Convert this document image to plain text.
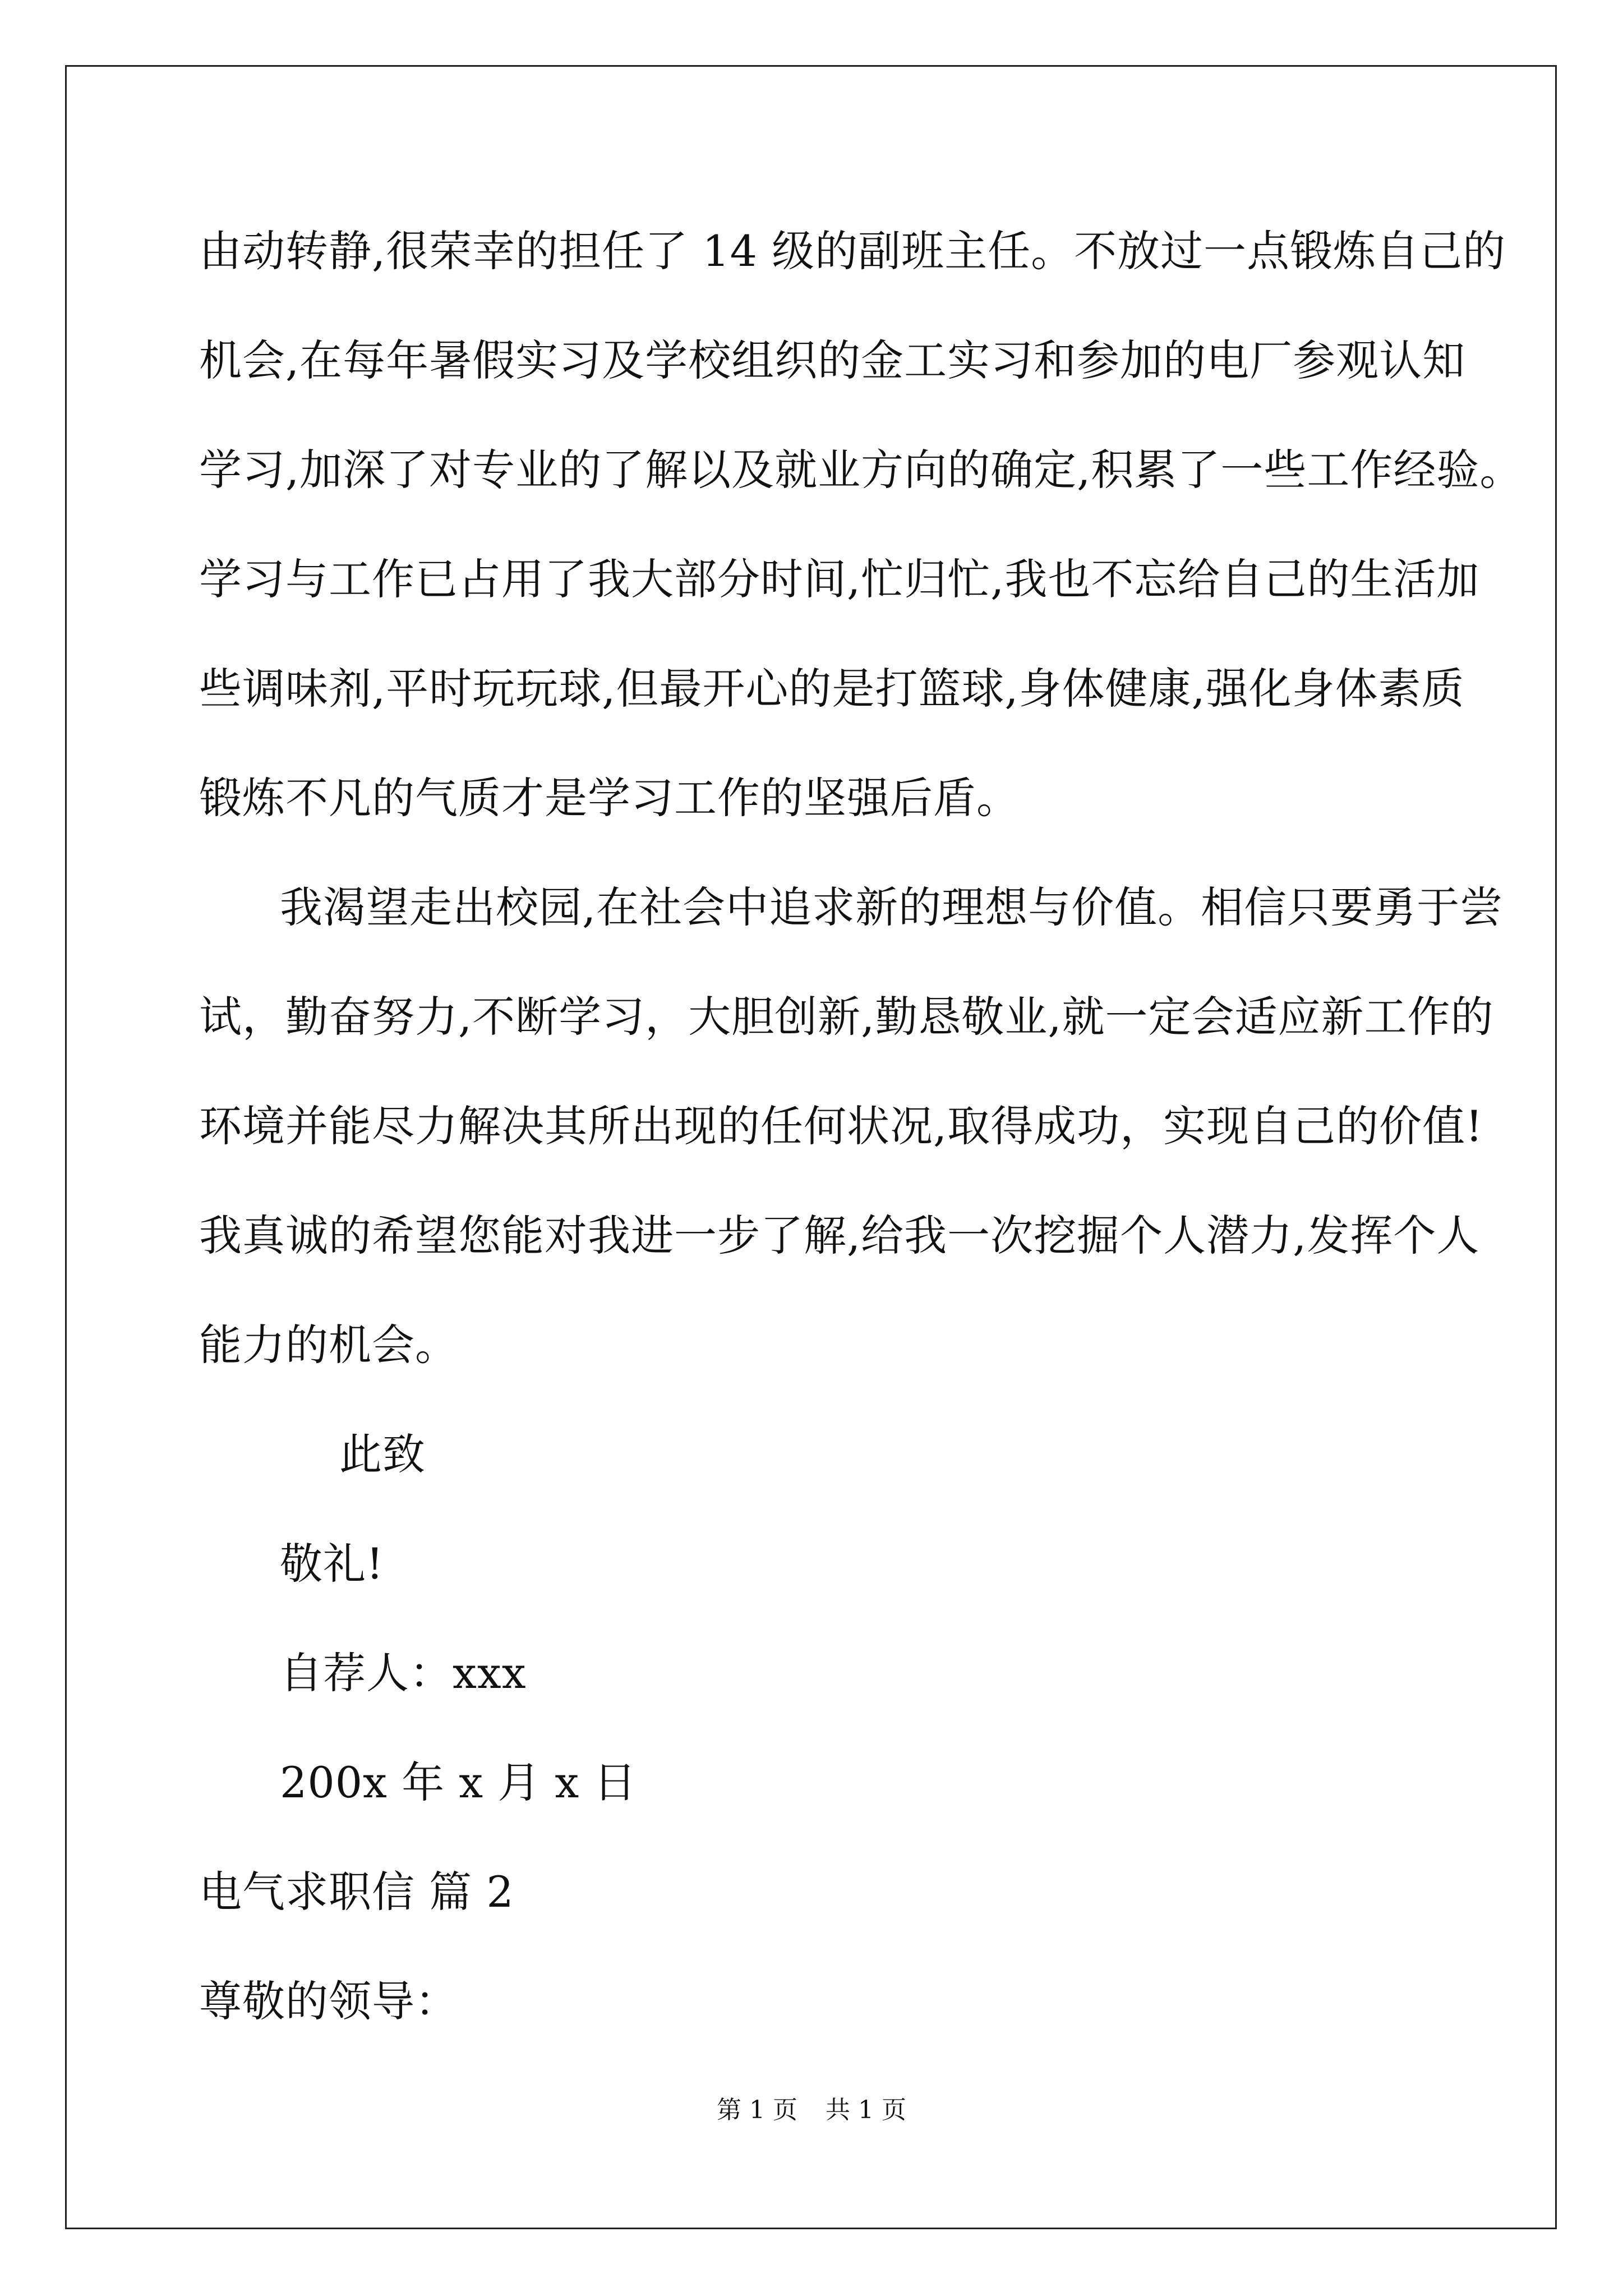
由动转静,很荣幸的担任了 14 级的副班主任。不放过一点锻炼自己的
机会,在每年暑假实习及学校组织的金工实习和参加的电厂参观认知
学习,加深了对专业的了解以及就业方向的确定,积累了一些工作经验。
学习与工作已占用了我大部分时间,忙归忙,我也不忘给自己的生活加
些调味剂,平时玩玩球,但最开心的是打篮球,身体健康,强化身体素质
锻炼不凡的气质才是学习工作的坚强后盾。
我渴望走出校园,在社会中追求新的理想与价值。相信只要勇于尝
试，勤奋努力,不断学习，大胆创新,勤恳敬业,就一定会适应新工作的
环境并能尽力解决其所出现的任何状况,取得成功，实现自己的价值!
我真诚的希望您能对我进一步了解,给我一次挖掘个人潜力,发挥个人
能力的机会。
此致
敬礼!
自荐人：xxx
200x 年 x 月 x 日
电气求职信 篇 2
尊敬的领导：
第 1 页 共 1 页
